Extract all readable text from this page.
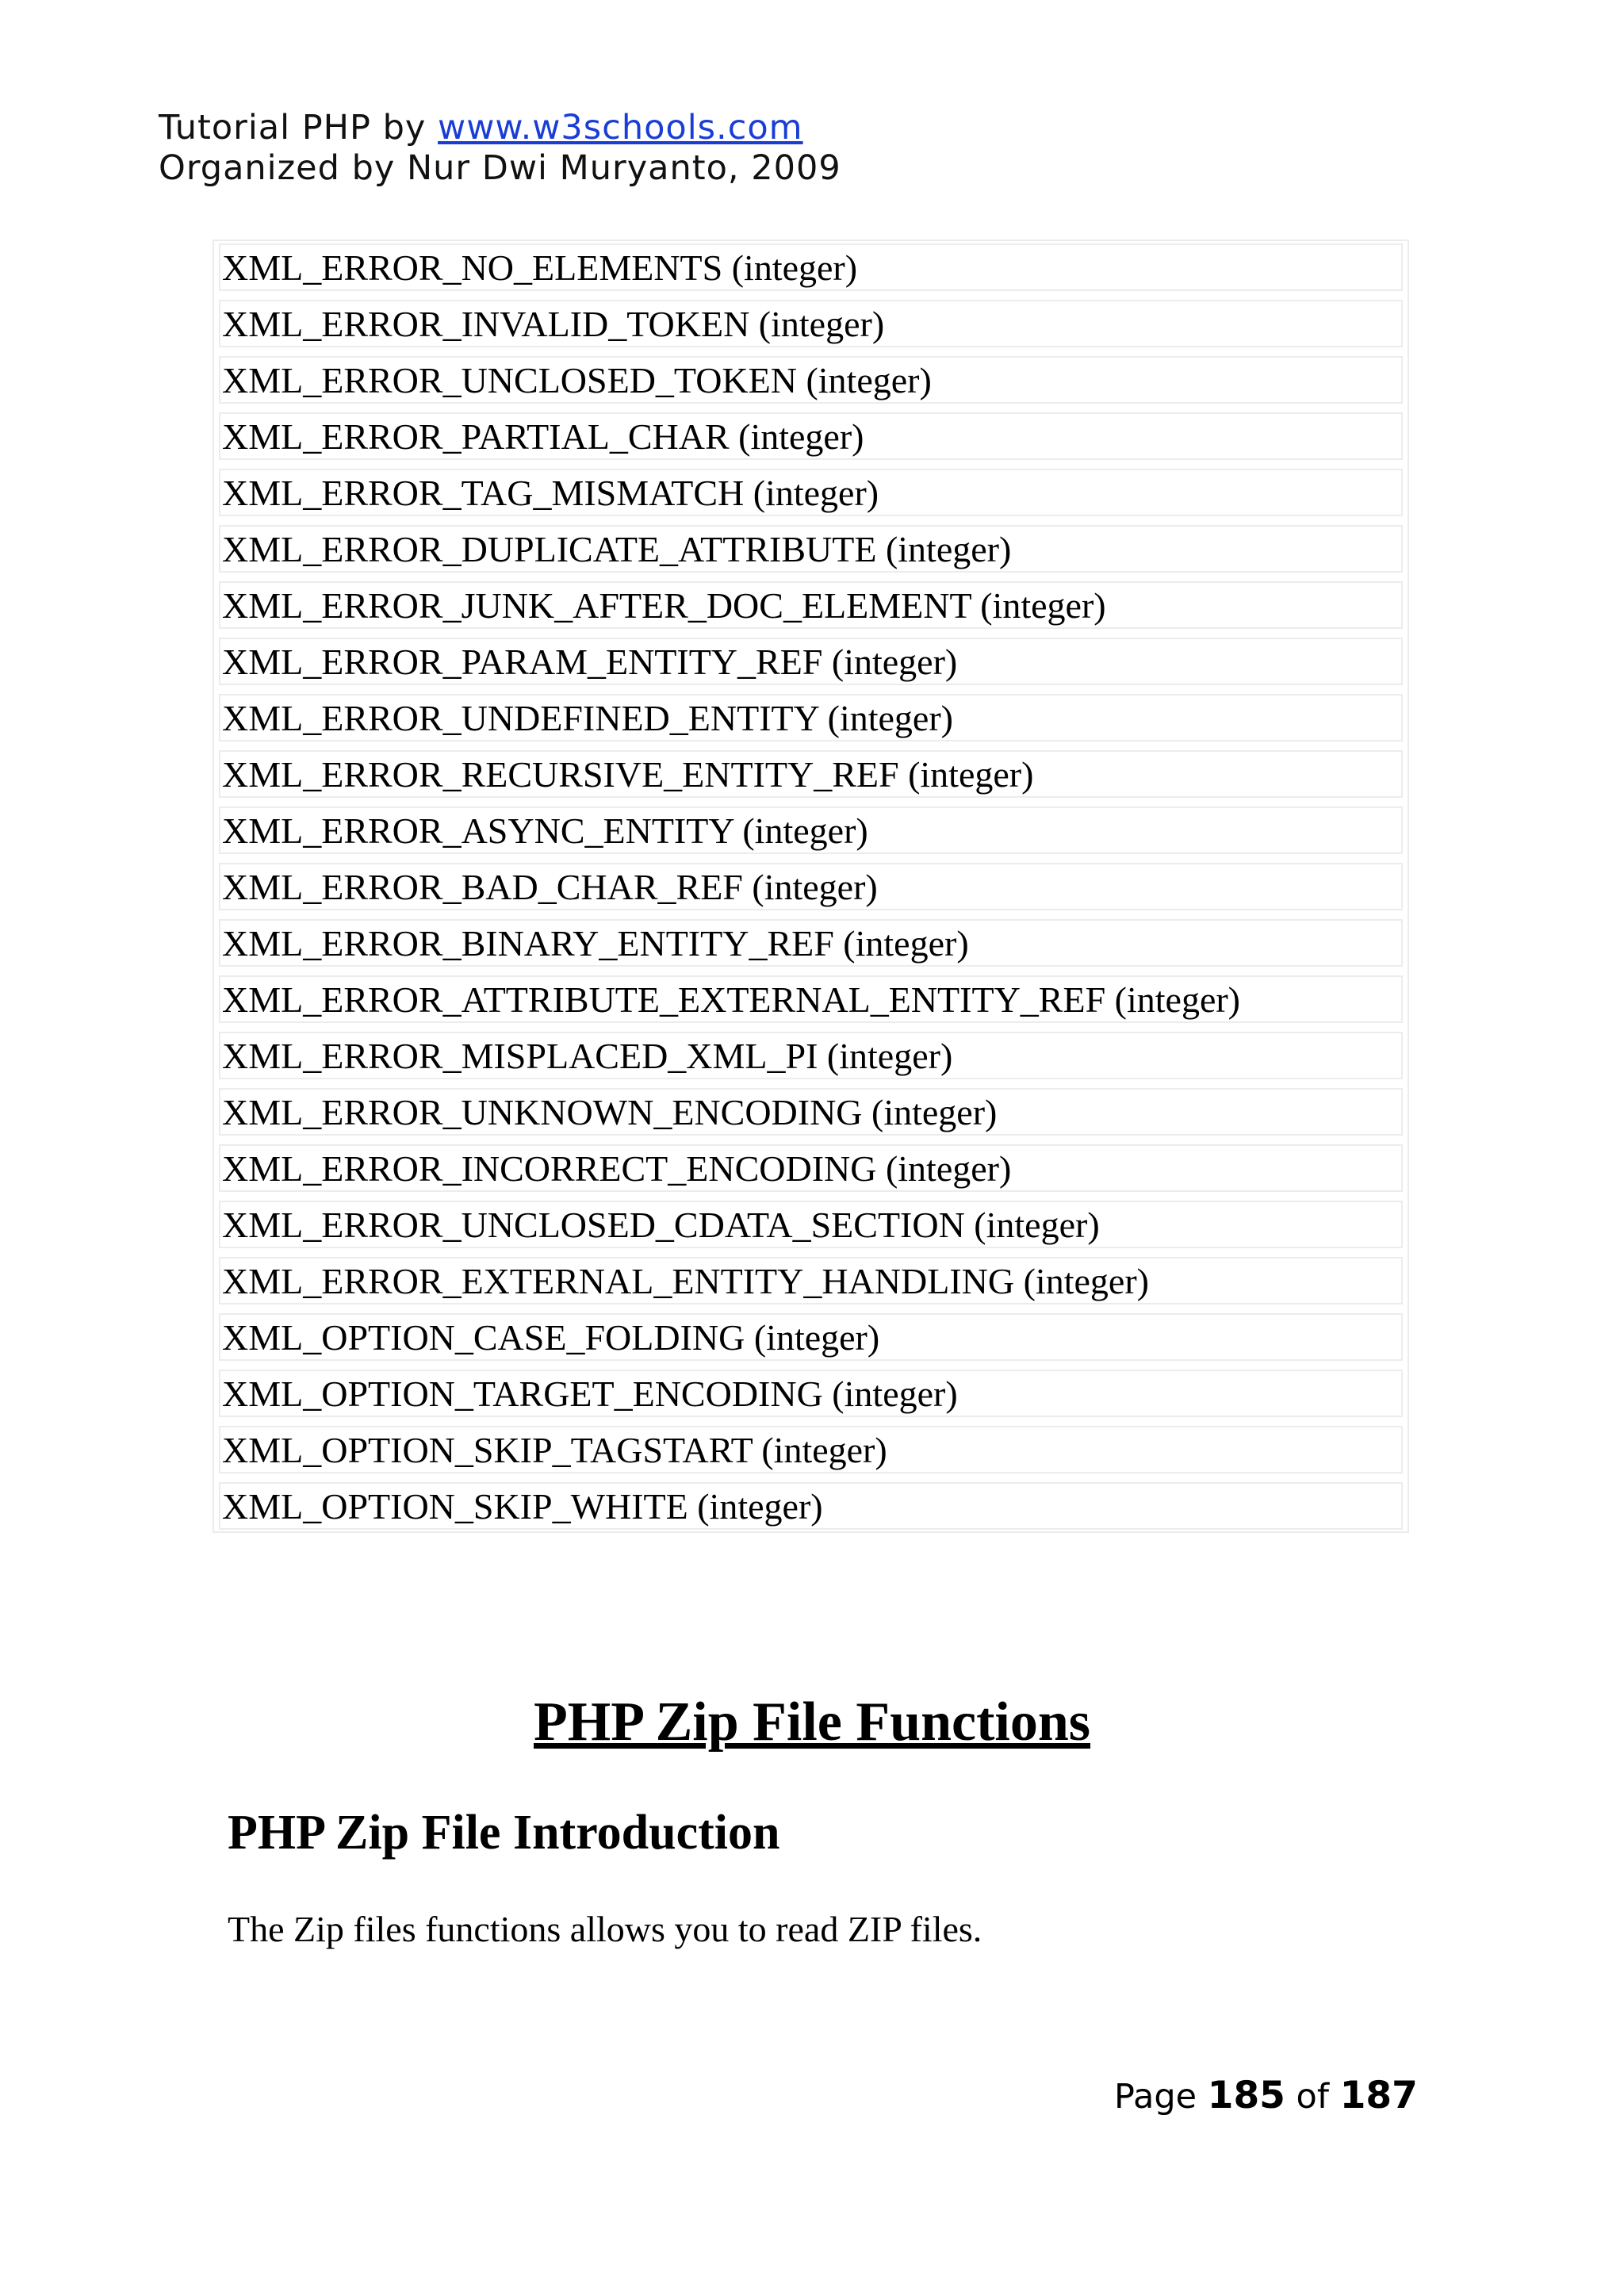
Tutorial PHP by www.w3schools.com
Organized by Nur Dwi Muryanto, 2009
XML_ERROR_NO_ELEMENTS (integer)
XML_ERROR_INVALID_TOKEN (integer)
XML_ERROR_UNCLOSED_TOKEN (integer)
XML_ERROR_PARTIAL_CHAR (integer)
XML_ERROR_TAG_MISMATCH (integer)
XML_ERROR_DUPLICATE_ATTRIBUTE (integer)
XML_ERROR_JUNK_AFTER_DOC_ELEMENT (integer)
XML_ERROR_PARAM_ENTITY_REF (integer)
XML_ERROR_UNDEFINED_ENTITY (integer)
XML_ERROR_RECURSIVE_ENTITY_REF (integer)
XML_ERROR_ASYNC_ENTITY (integer)
XML_ERROR_BAD_CHAR_REF (integer)
XML_ERROR_BINARY_ENTITY_REF (integer)
XML_ERROR_ATTRIBUTE_EXTERNAL_ENTITY_REF (integer)
XML_ERROR_MISPLACED_XML_PI (integer)
XML_ERROR_UNKNOWN_ENCODING (integer)
XML_ERROR_INCORRECT_ENCODING (integer)
XML_ERROR_UNCLOSED_CDATA_SECTION (integer)
XML_ERROR_EXTERNAL_ENTITY_HANDLING (integer)
XML_OPTION_CASE_FOLDING (integer)
XML_OPTION_TARGET_ENCODING (integer)
XML_OPTION_SKIP_TAGSTART (integer)
XML_OPTION_SKIP_WHITE (integer)
PHP Zip File Functions
PHP Zip File Introduction
The Zip files functions allows you to read ZIP files.
Page 185 of 187
